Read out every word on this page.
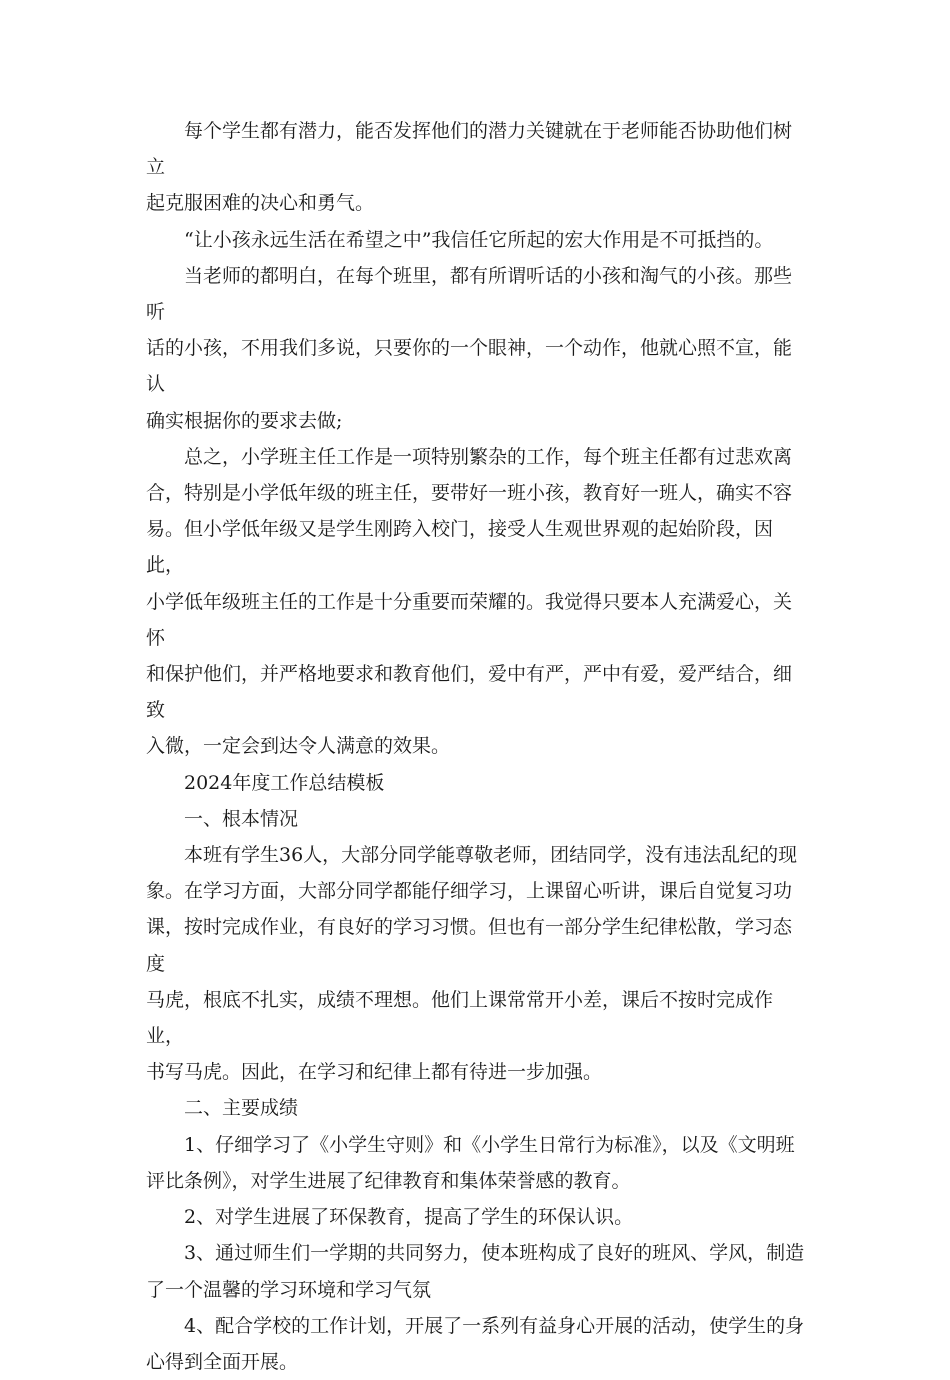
每个学生都有潜力，能否发挥他们的潜力关键就在于老师能否协助他们树立
起克服困难的决心和勇气。

“让小孩永远生活在希望之中”我信任它所起的宏大作用是不可抵挡的。

当老师的都明白，在每个班里，都有所谓听话的小孩和淘气的小孩。那些听
话的小孩，不用我们多说，只要你的一个眼神，一个动作，他就心照不宣，能认
确实根据你的要求去做;

总之，小学班主任工作是一项特别繁杂的工作，每个班主任都有过悲欢离
合，特别是小学低年级的班主任，要带好一班小孩，教育好一班人，确实不容
易。但小学低年级又是学生刚跨入校门，接受人生观世界观的起始阶段，因此，
小学低年级班主任的工作是十分重要而荣耀的。我觉得只要本人充满爱心，关怀
和保护他们，并严格地要求和教育他们，爱中有严，严中有爱，爱严结合，细致
入微，一定会到达令人满意的效果。

2024年度工作总结模板

一、根本情况

本班有学生36人，大部分同学能尊敬老师，团结同学，没有违法乱纪的现
象。在学习方面，大部分同学都能仔细学习，上课留心听讲，课后自觉复习功
课，按时完成作业，有良好的学习习惯。但也有一部分学生纪律松散，学习态度
马虎，根底不扎实，成绩不理想。他们上课常常开小差，课后不按时完成作业，
书写马虎。因此，在学习和纪律上都有待进一步加强。

二、主要成绩

1、仔细学习了《小学生守则》和《小学生日常行为标准》，以及《文明班
评比条例》，对学生进展了纪律教育和集体荣誉感的教育。

2、对学生进展了环保教育，提高了学生的环保认识。

3、通过师生们一学期的共同努力，使本班构成了良好的班风、学风，制造
了一个温馨的学习环境和学习气氛

4、配合学校的工作计划，开展了一系列有益身心开展的活动，使学生的身
心得到全面开展。
